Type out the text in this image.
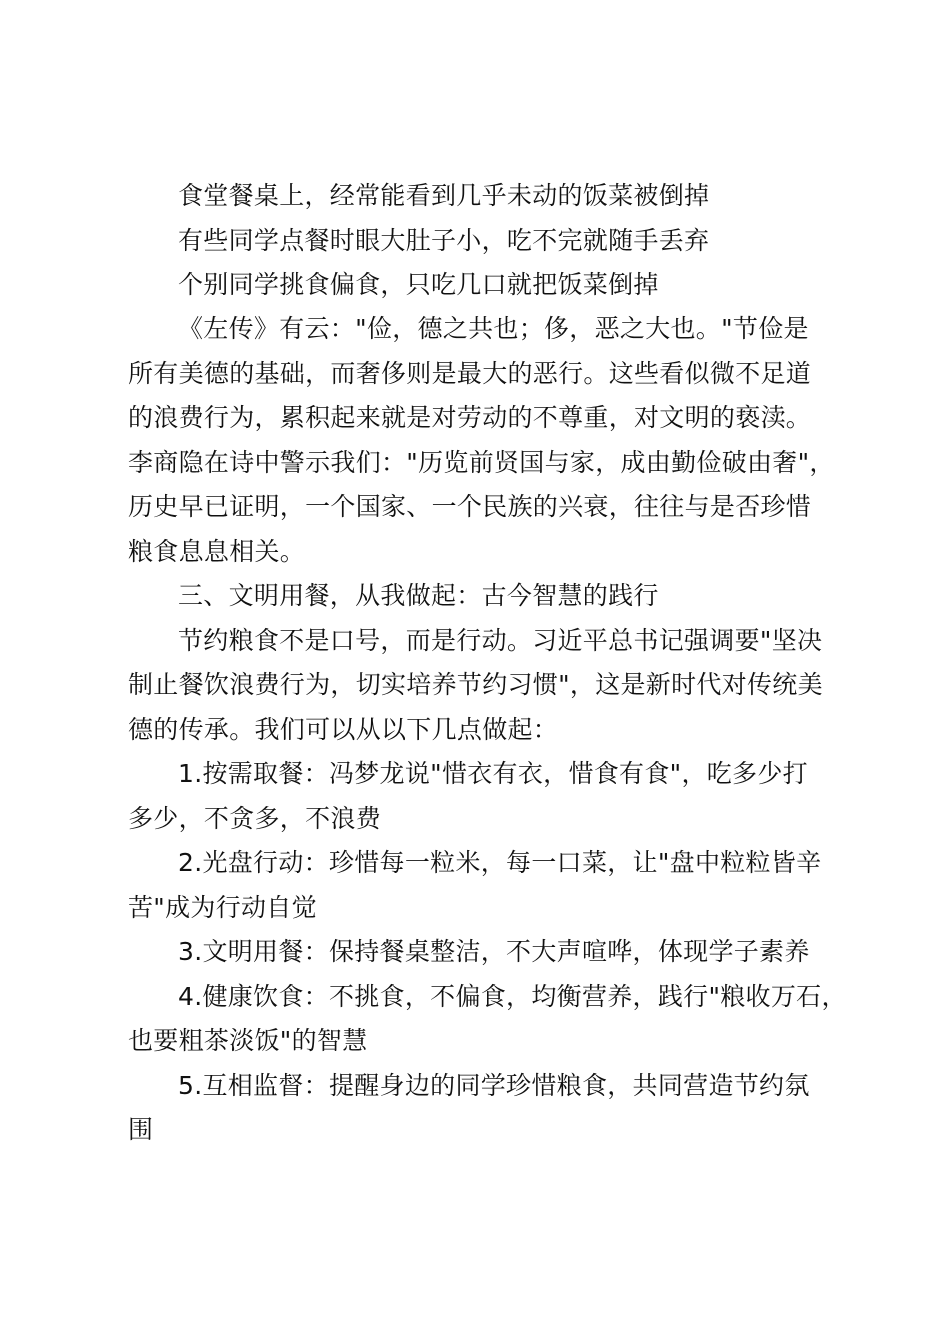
食堂餐桌上，经常能看到几乎未动的饭菜被倒掉
有些同学点餐时眼大肚子小，吃不完就随手丢弃
个别同学挑食偏食，只吃几口就把饭菜倒掉
《左传》有云："俭，德之共也；侈，恶之大也。"节俭是
所有美德的基础，而奢侈则是最大的恶行。这些看似微不足道
的浪费行为，累积起来就是对劳动的不尊重，对文明的亵渎。
李商隐在诗中警示我们："历览前贤国与家，成由勤俭破由奢"，
历史早已证明，一个国家、一个民族的兴衰，往往与是否珍惜
粮食息息相关。
三、文明用餐，从我做起：古今智慧的践行
节约粮食不是口号，而是行动。习近平总书记强调要"坚决
制止餐饮浪费行为，切实培养节约习惯"，这是新时代对传统美
德的传承。我们可以从以下几点做起：
1.按需取餐：冯梦龙说"惜衣有衣，惜食有食"，吃多少打
多少，不贪多，不浪费
2.光盘行动：珍惜每一粒米，每一口菜，让"盘中粒粒皆辛
苦"成为行动自觉
3.文明用餐：保持餐桌整洁，不大声喧哗，体现学子素养
4.健康饮食：不挑食，不偏食，均衡营养，践行"粮收万石，
也要粗茶淡饭"的智慧
5.互相监督：提醒身边的同学珍惜粮食，共同营造节约氛
围
